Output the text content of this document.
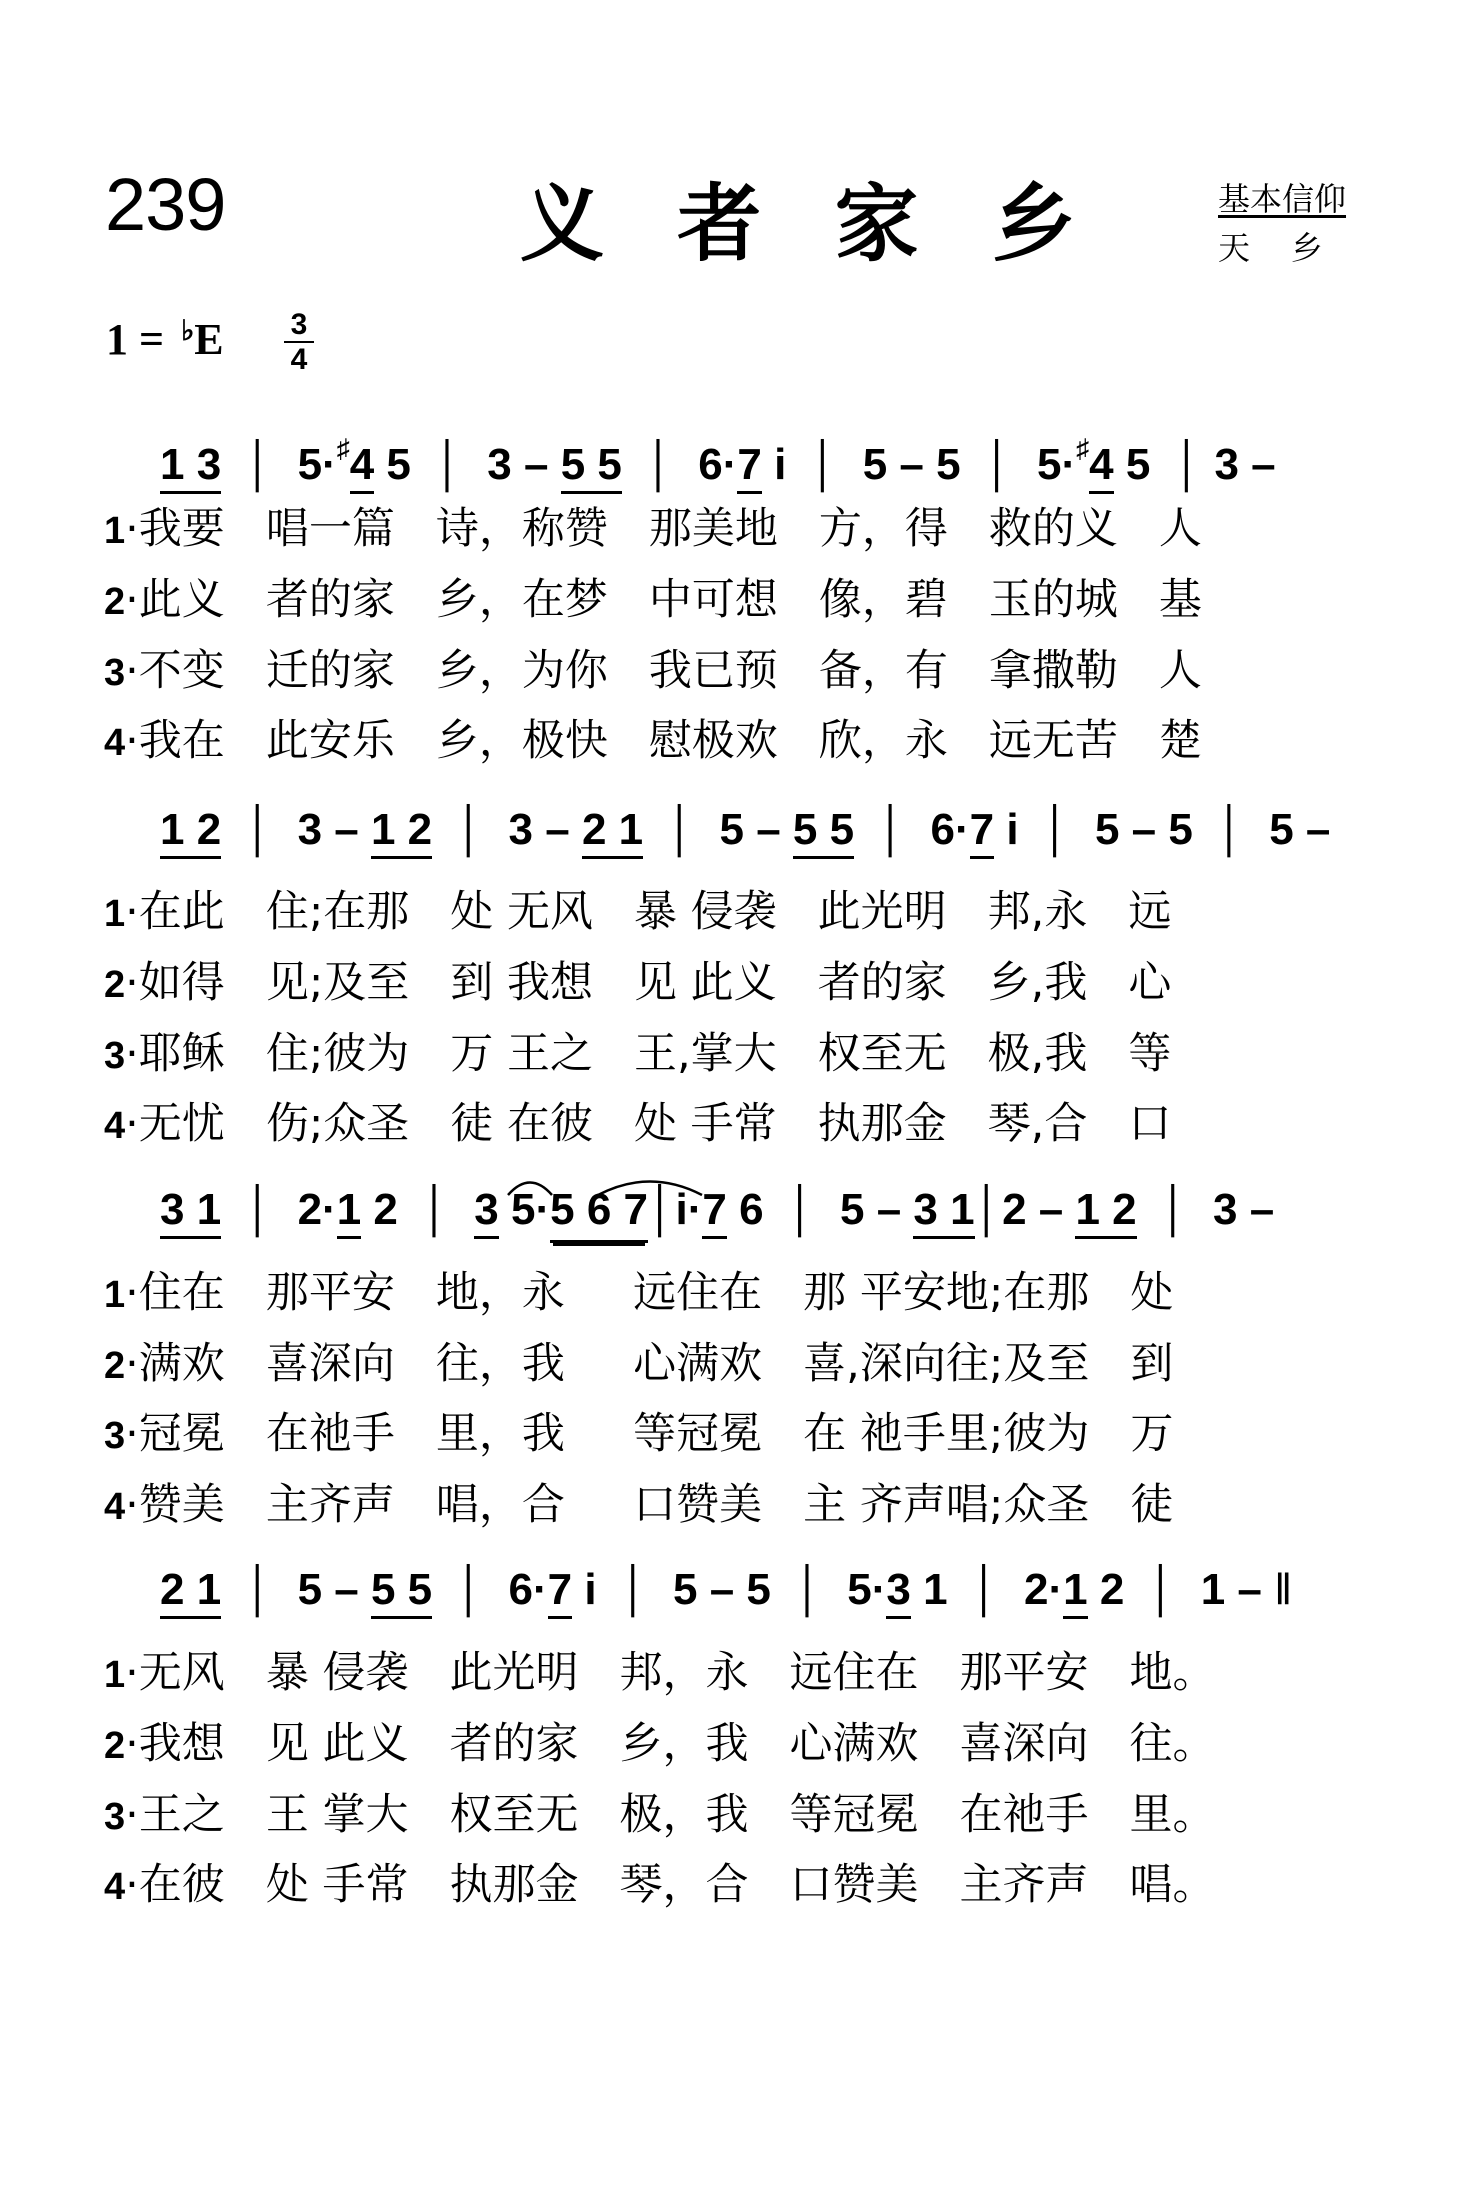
239	义 者 家 乡	基本信仰
天    乡
1 = ♭E 3
4
1 3 │  5·♯4 5  │  3 – 5 5 │  6·7 i  │  5 – 5  │  5·♯4 5  │ 3 –
1·我要   唱一篇   诗，称赞   那美地   方，得   救的义   人
2·此义   者的家   乡，在梦   中可想   像，碧   玉的城   基
3·不变   迁的家   乡，为你   我已预   备，有   拿撒勒   人
4·我在   此安乐   乡，极快   慰极欢   欣，永   远无苦   楚
1 2 │  3 – 1 2 │  3 – 2 1 │  5 – 5 5 │  6·7 i  │  5 – 5  │  5 –
1·在此   住;在那   处 无风   暴 侵袭   此光明   邦,永   远
2·如得   见;及至   到 我想   见 此义   者的家   乡,我   心
3·耶稣   住;彼为   万 王之   王,掌大   权至无   极,我   等
4·无忧   伤;众圣   徒 在彼   处 手常   执那金   琴,合   口
3 1 │  2·1 2  │ 3 5·5 6 7│i·7 6  │  5 – 3 1│2 – 1 2 │  3 –
1·住在   那平安   地，永     远住在   那 平安地;在那   处
2·满欢   喜深向   往，我     心满欢   喜,深向往;及至   到
3·冠冕   在祂手   里，我     等冠冕   在 祂手里;彼为   万
4·赞美   主齐声   唱，合     口赞美   主 齐声唱;众圣   徒
2 1 │  5 – 5 5 │  6·7 i  │  5 – 5  │  5·3 1  │  2·1 2  │  1 – ‖
1·无风   暴 侵袭   此光明   邦，永   远住在   那平安   地。
2·我想   见 此义   者的家   乡，我   心满欢   喜深向   往。
3·王之   王 掌大   权至无   极，我   等冠冕   在祂手   里。
4·在彼   处 手常   执那金   琴，合   口赞美   主齐声   唱。
